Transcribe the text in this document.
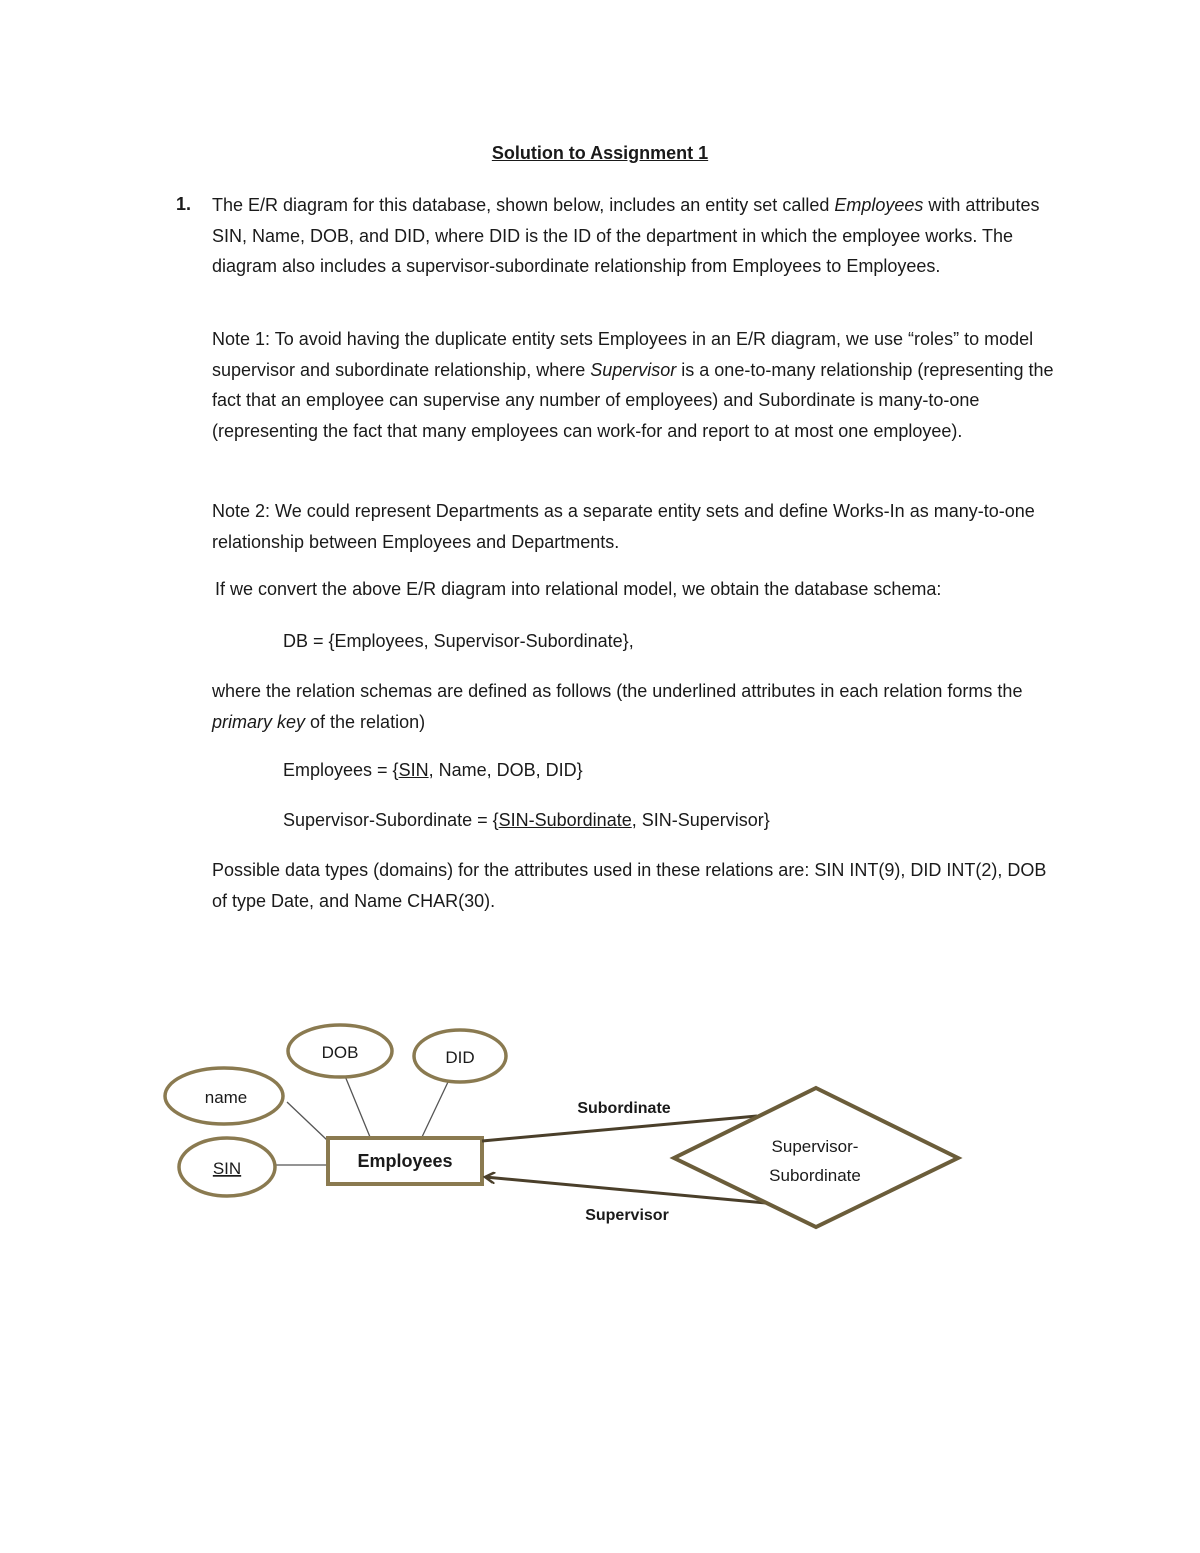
Solution to Assignment 1
1. The E/R diagram for this database, shown below, includes an entity set called Employees with attributes SIN, Name, DOB, and DID, where DID is the ID of the department in which the employee works. The diagram also includes a supervisor-subordinate relationship from Employees to Employees.

Note 1: To avoid having the duplicate entity sets Employees in an E/R diagram, we use “roles” to model supervisor and subordinate relationship, where Supervisor is a one-to-many relationship (representing the fact that an employee can supervise any number of employees) and Subordinate is many-to-one (representing the fact that many employees can work-for and report to at most one employee).

Note 2: We could represent Departments as a separate entity sets and define Works-In as many-to-one relationship between Employees and Departments.

If we convert the above E/R diagram into relational model, we obtain the database schema:
DB = {Employees, Supervisor-Subordinate},

where the relation schemas are defined as follows (the underlined attributes in each relation forms the primary key of the relation)

Employees = {SIN, Name, DOB, DID}
Supervisor-Subordinate = {SIN-Subordinate, SIN-Supervisor}

Possible data types (domains) for the attributes used in these relations are: SIN INT(9), DID INT(2), DOB of type Date, and Name CHAR(30).

name
SIN
DOB	DID
Employees
Subordinate
Supervisor
Supervisor-
Subordinate
